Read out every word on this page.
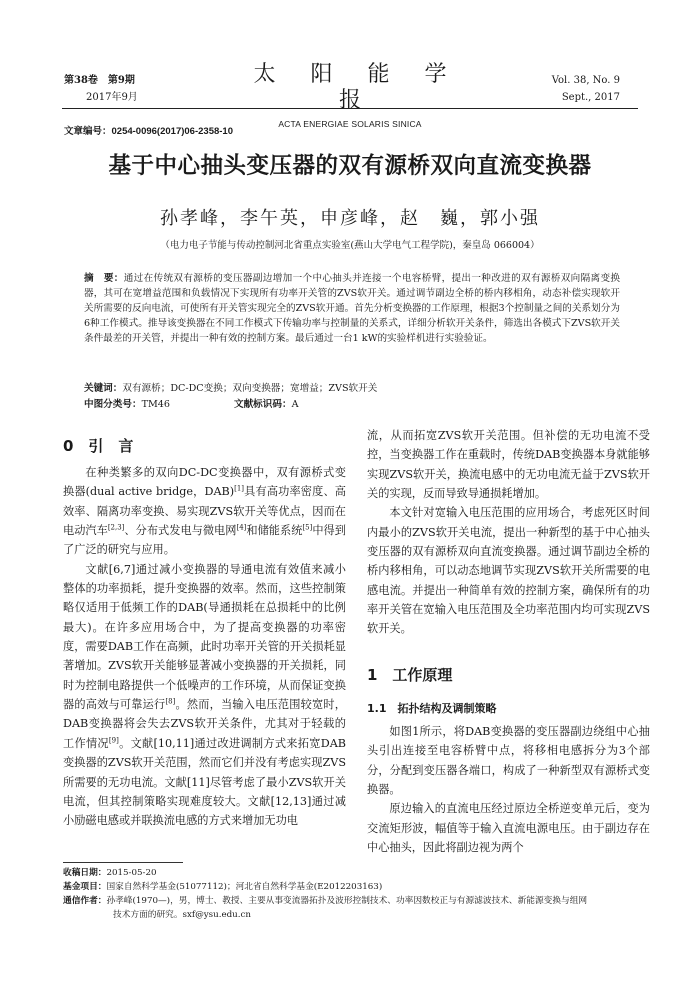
第38卷　第9期
2017年9月
太 阳 能 学 报
ACTA ENERGIAE SOLARIS SINICA
Vol. 38, No. 9
Sept., 2017
文章编号：0254-0096(2017)06-2358-10
基于中心抽头变压器的双有源桥双向直流变换器
孙孝峰，李午英，申彦峰，赵　巍，郭小强
（电力电子节能与传动控制河北省重点实验室(燕山大学电气工程学院)，秦皇岛 066004）
摘　要：通过在传统双有源桥的变压器副边增加一个中心抽头并连接一个电容桥臂，提出一种改进的双有源桥双向隔离变换器，其可在宽增益范围和负载情况下实现所有功率开关管的ZVS软开关。通过调节副边全桥的桥内移相角，动态补偿实现软开关所需要的反向电流，可使所有开关管实现完全的ZVS软开通。首先分析变换器的工作原理，根据3个控制量之间的关系划分为6种工作模式。推导该变换器在不同工作模式下传输功率与控制量的关系式，详细分析软开关条件，筛选出各模式下ZVS软开关条件最差的开关管，并提出一种有效的控制方案。最后通过一台1 kW的实验样机进行实验验证。
关键词：双有源桥；DC-DC变换；双向变换器；宽增益；ZVS软开关
中图分类号：TM46	文献标识码：A
0　引　言

在种类繁多的双向DC-DC变换器中，双有源桥式变换器(dual active bridge，DAB)[1]具有高功率密度、高效率、隔离功率变换、易实现ZVS软开关等优点，因而在电动汽车[2,3]、分布式发电与微电网[4]和储能系统[5]中得到了广泛的研究与应用。

文献[6,7]通过减小变换器的导通电流有效值来减小整体的功率损耗，提升变换器的效率。然而，这些控制策略仅适用于低频工作的DAB(导通损耗在总损耗中的比例最大)。在许多应用场合中，为了提高变换器的功率密度，需要DAB工作在高频，此时功率开关管的开关损耗显著增加。ZVS软开关能够显著减小变换器的开关损耗，同时为控制电路提供一个低噪声的工作环境，从而保证变换器的高效与可靠运行[8]。然而，当输入电压范围较宽时，DAB变换器将会失去ZVS软开关条件，尤其对于轻载的工作情况[9]。文献[10,11]通过改进调制方式来拓宽DAB变换器的ZVS软开关范围，然而它们并没有考虑实现ZVS所需要的无功电流。文献[11]尽管考虑了最小ZVS软开关电流，但其控制策略实现难度较大。文献[12,13]通过减小励磁电感或并联换流电感的方式来增加无功电

流，从而拓宽ZVS软开关范围。但补偿的无功电流不受控，当变换器工作在重载时，传统DAB变换器本身就能够实现ZVS软开关，换流电感中的无功电流无益于ZVS软开关的实现，反而导致导通损耗增加。

本文针对宽输入电压范围的应用场合，考虑死区时间内最小的ZVS软开关电流，提出一种新型的基于中心抽头变压器的双有源桥双向直流变换器。通过调节副边全桥的桥内移相角，可以动态地调节实现ZVS软开关所需要的电感电流。并提出一种简单有效的控制方案，确保所有的功率开关管在宽输入电压范围及全功率范围内均可实现ZVS软开关。

1　工作原理
1.1　拓扑结构及调制策略

如图1所示，将DAB变换器的变压器副边绕组中心抽头引出连接至电容桥臂中点，将移相电感拆分为3个部分，分配到变压器各端口，构成了一种新型双有源桥式变换器。

原边输入的直流电压经过原边全桥逆变单元后，变为交流矩形波，幅值等于输入直流电源电压。由于副边存在中心抽头，因此将副边视为两个

收稿日期： 2015-05-20
基金项目： 国家自然科学基金(51077112)；河北省自然科学基金(E2012203163)
通信作者： 孙孝峰(1970—)，男，博士、教授、主要从事变流器拓扑及波形控制技术、功率因数校正与有源滤波技术、新能源变换与组网
技术方面的研究。sxf@ysu.edu.cn
